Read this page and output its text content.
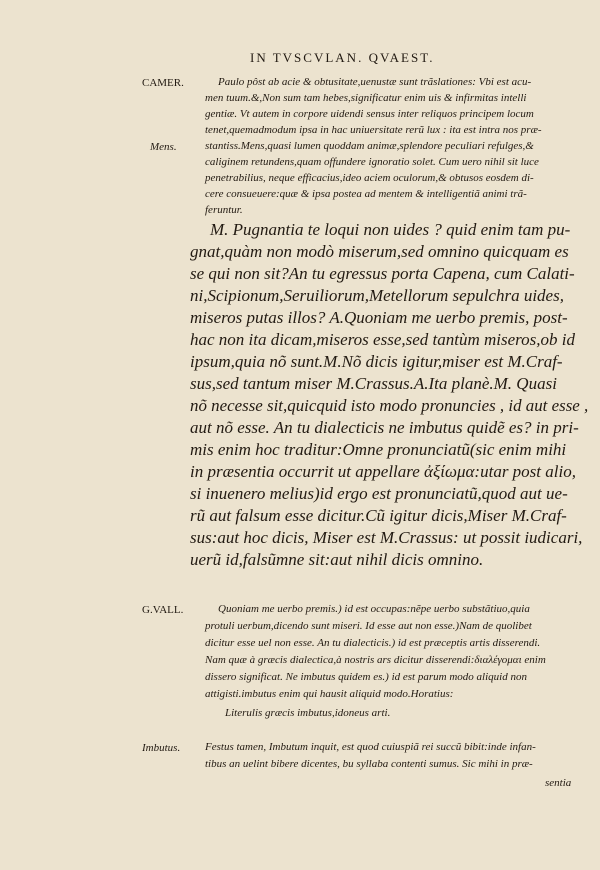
IN TVSCVLAN. QVAEST.
CAMER.
Mens.
G.VALL.
Imbutus.
Paulo pôst ab acie & obtusitate,uenustæ sunt trãslationes: Vbi est acu-
men tuum.&,Non sum tam hebes,significatur enim uis & infirmitas intelli
gentiæ. Vt autem in corpore uidendi sensus inter reliquos principem locum
tenet,quemadmodum ipsa in hac uniuersitate rerũ lux : ita est intra nos præ-
stantiss.Mens,quasi lumen quoddam animæ,splendore peculiari refulges,&
caliginem retundens,quam offundere ignoratio solet. Cum uero nihil sit luce
penetrabilius, neque efficacius,ideo aciem oculorum,& obtusos eosdem di-
cere consueuere:quæ & ipsa postea ad mentem & intelligentiã animi trã-
feruntur.
M. Pugnantia te loqui non uides ? quid enim tam pu-
gnat,quàm non modò miserum,sed omnino quicquam es
se qui non sit?An tu egressus porta Capena, cum Calati-
ni,Scipionum,Seruiliorum,Metellorum sepulchra uides,
miseros putas illos? A.Quoniam me uerbo premis, post-
hac non ita dicam,miseros esse,sed tantùm miseros,ob id
ipsum,quia nõ sunt.M.Nõ dicis igitur,miser est M.Craf-
sus,sed tantum miser M.Crassus.A.Ita planè.M. Quasi
nõ necesse sit,quicquid isto modo pronuncies , id aut esse ,
aut nõ esse. An tu dialecticis ne imbutus quidẽ es? in pri-
mis enim hoc traditur:Omne pronunciatũ(sic enim mihi
in præsentia occurrit ut appellare ἀξίωμα:utar post alio,
si inuenero melius)id ergo est pronunciatũ,quod aut ue-
rũ aut falsum esse dicitur.Cũ igitur dicis,Miser M.Craf-
sus:aut hoc dicis, Miser est M.Crassus: ut possit iudicari,
uerũ id,falsũmne sit:aut nihil dicis omnino.
Quoniam me uerbo premis.) id est occupas:nẽpe uerbo substãtiuo,quia
protuli uerbum,dicendo sunt miseri. Id esse aut non esse.)Nam de quolibet
dicitur esse uel non esse. An tu dialecticis.) id est præceptis artis disserendi.
Nam quæ à græcis dialectica,à nostris ars dicitur disserendi:διαλέγομαι enim
dissero significat. Ne imbutus quidem es.) id est parum modo aliquid non
attigisti.imbutus enim qui hausit aliquid modo.Horatius:
Literulis græcis imbutus,idoneus arti.
Festus tamen, Imbutum inquit, est quod cuiuspiã rei succũ bibit:inde infan-
tibus an uelint bibere dicentes, bu syllaba contenti sumus. Sic mihi in præ-
sentia
